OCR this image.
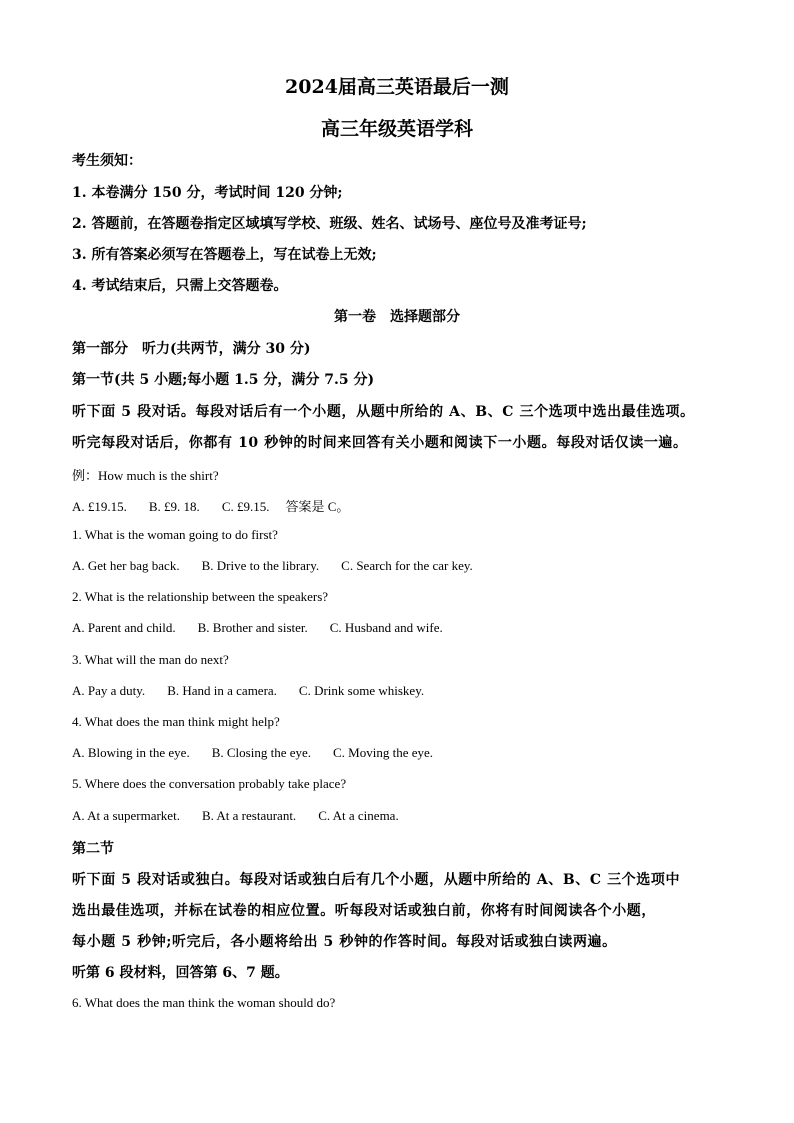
2024届高三英语最后一测
高三年级英语学科
考生须知：
1. 本卷满分 150 分，考试时间 120 分钟;
2. 答题前，在答题卷指定区域填写学校、班级、姓名、试场号、座位号及准考证号;
3. 所有答案必须写在答题卷上，写在试卷上无效;
4. 考试结束后，只需上交答题卷。
第一卷　选择题部分
第一部分　听力(共两节，满分 30 分)
第一节(共 5 小题;每小题 1.5 分，满分 7.5 分)
听下面 5 段对话。每段对话后有一个小题，从题中所给的 A、B、C 三个选项中选出最佳选项。
听完每段对话后，你都有 10 秒钟的时间来回答有关小题和阅读下一小题。每段对话仅读一遍。
例：How much is the shirt?
A. £19.15. B. £9. 18. C. £9.15. 答案是 C。
1. What is the woman going to do first?
A. Get her bag back. B. Drive to the library. C. Search for the car key.
2. What is the relationship between the speakers?
A. Parent and child. B. Brother and sister. C. Husband and wife.
3. What will the man do next?
A. Pay a duty. B. Hand in a camera. C. Drink some whiskey.
4. What does the man think might help?
A. Blowing in the eye. B. Closing the eye. C. Moving the eye.
5. Where does the conversation probably take place?
A. At a supermarket. B. At a restaurant. C. At a cinema.
第二节
听下面 5 段对话或独白。每段对话或独白后有几个小题，从题中所给的 A、B、C 三个选项中
选出最佳选项，并标在试卷的相应位置。听每段对话或独白前，你将有时间阅读各个小题，
每小题 5 秒钟;听完后，各小题将给出 5 秒钟的作答时间。每段对话或独白读两遍。
听第 6 段材料，回答第 6、7 题。
6. What does the man think the woman should do?
